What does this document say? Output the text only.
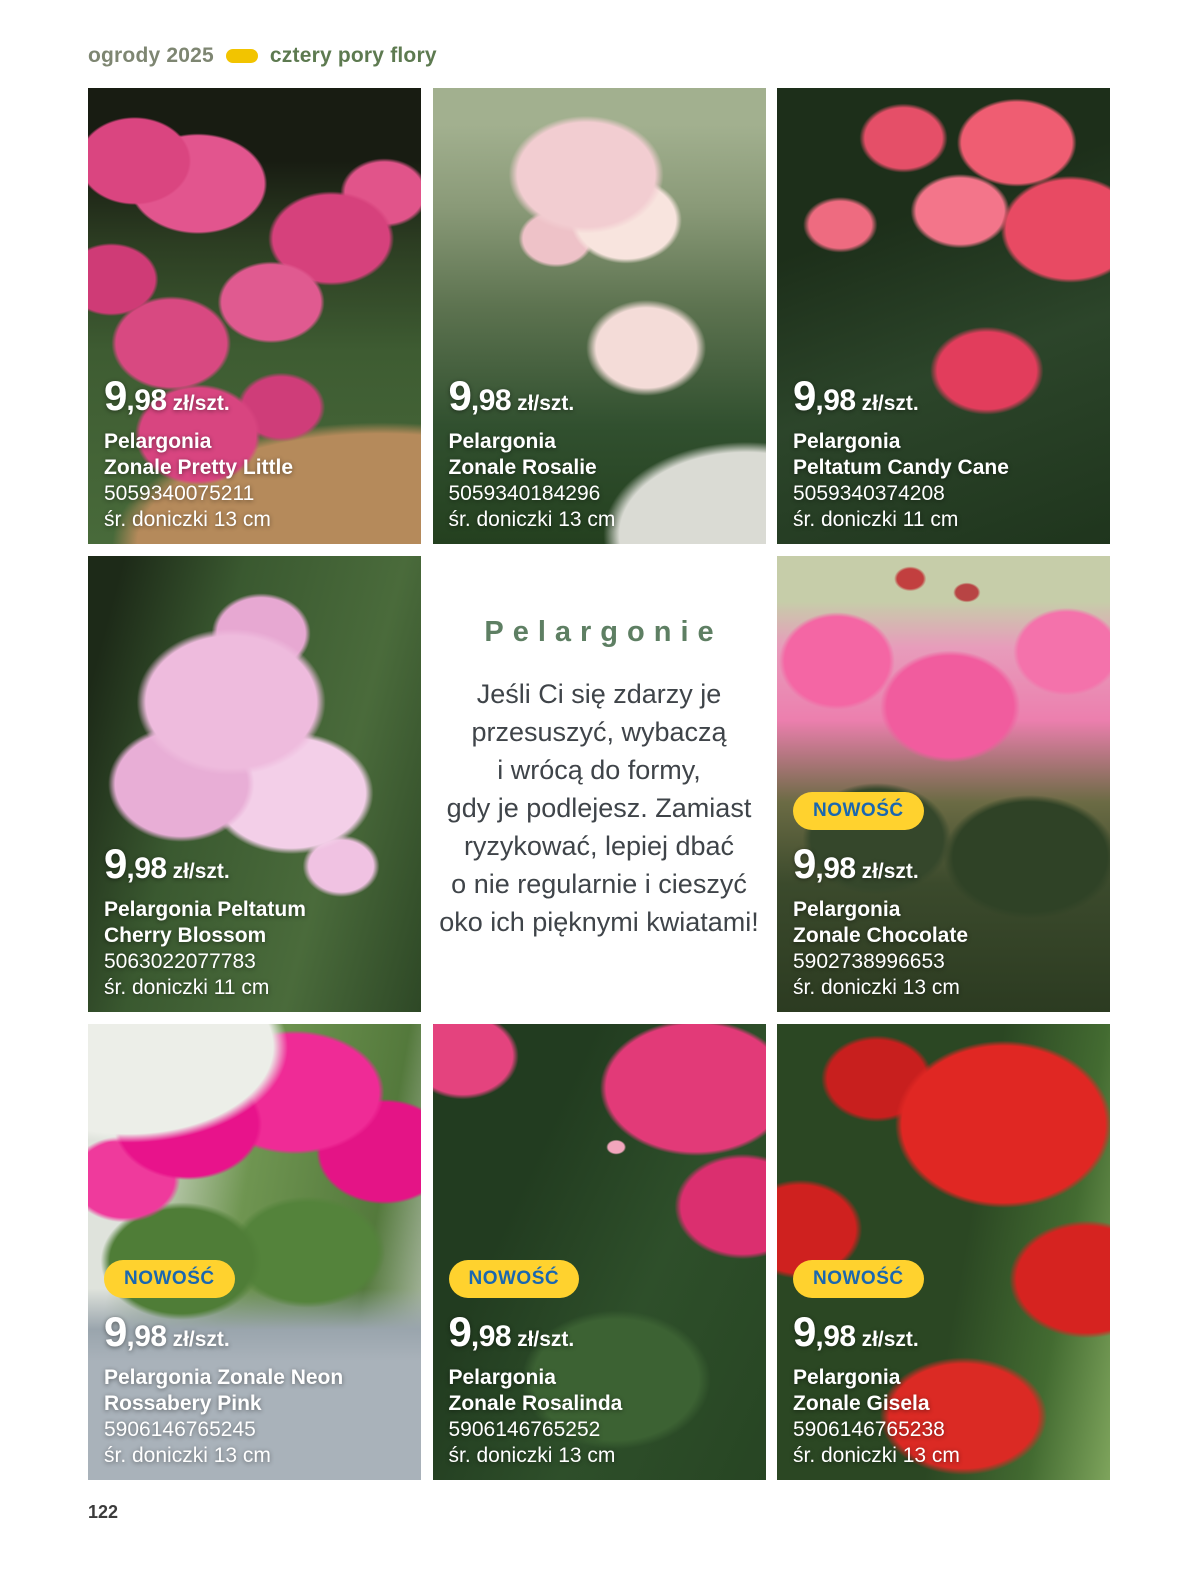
ogrody 2025	cztery pory flory
9,98 zł/szt.
Pelargonia
Zonale Pretty Little
5059340075211
śr. doniczki 13 cm
9,98 zł/szt.
Pelargonia
Zonale Rosalie
5059340184296
śr. doniczki 13 cm
9,98 zł/szt.
Pelargonia
Peltatum Candy Cane
5059340374208
śr. doniczki 11 cm
9,98 zł/szt.
Pelargonia Peltatum
Cherry Blossom
5063022077783
śr. doniczki 11 cm
Pelargonie
Jeśli Ci się zdarzy je
przesuszyć, wybaczą
i wrócą do formy,
gdy je podlejesz. Zamiast
ryzykować, lepiej dbać
o nie regularnie i cieszyć
oko ich pięknymi kwiatami!
NOWOŚĆ
9,98 zł/szt.
Pelargonia
Zonale Chocolate
5902738996653
śr. doniczki 13 cm
NOWOŚĆ
9,98 zł/szt.
Pelargonia Zonale Neon
Rossabery Pink
5906146765245
śr. doniczki 13 cm
NOWOŚĆ
9,98 zł/szt.
Pelargonia
Zonale Rosalinda
5906146765252
śr. doniczki 13 cm
NOWOŚĆ
9,98 zł/szt.
Pelargonia
Zonale Gisela
5906146765238
śr. doniczki 13 cm
122
